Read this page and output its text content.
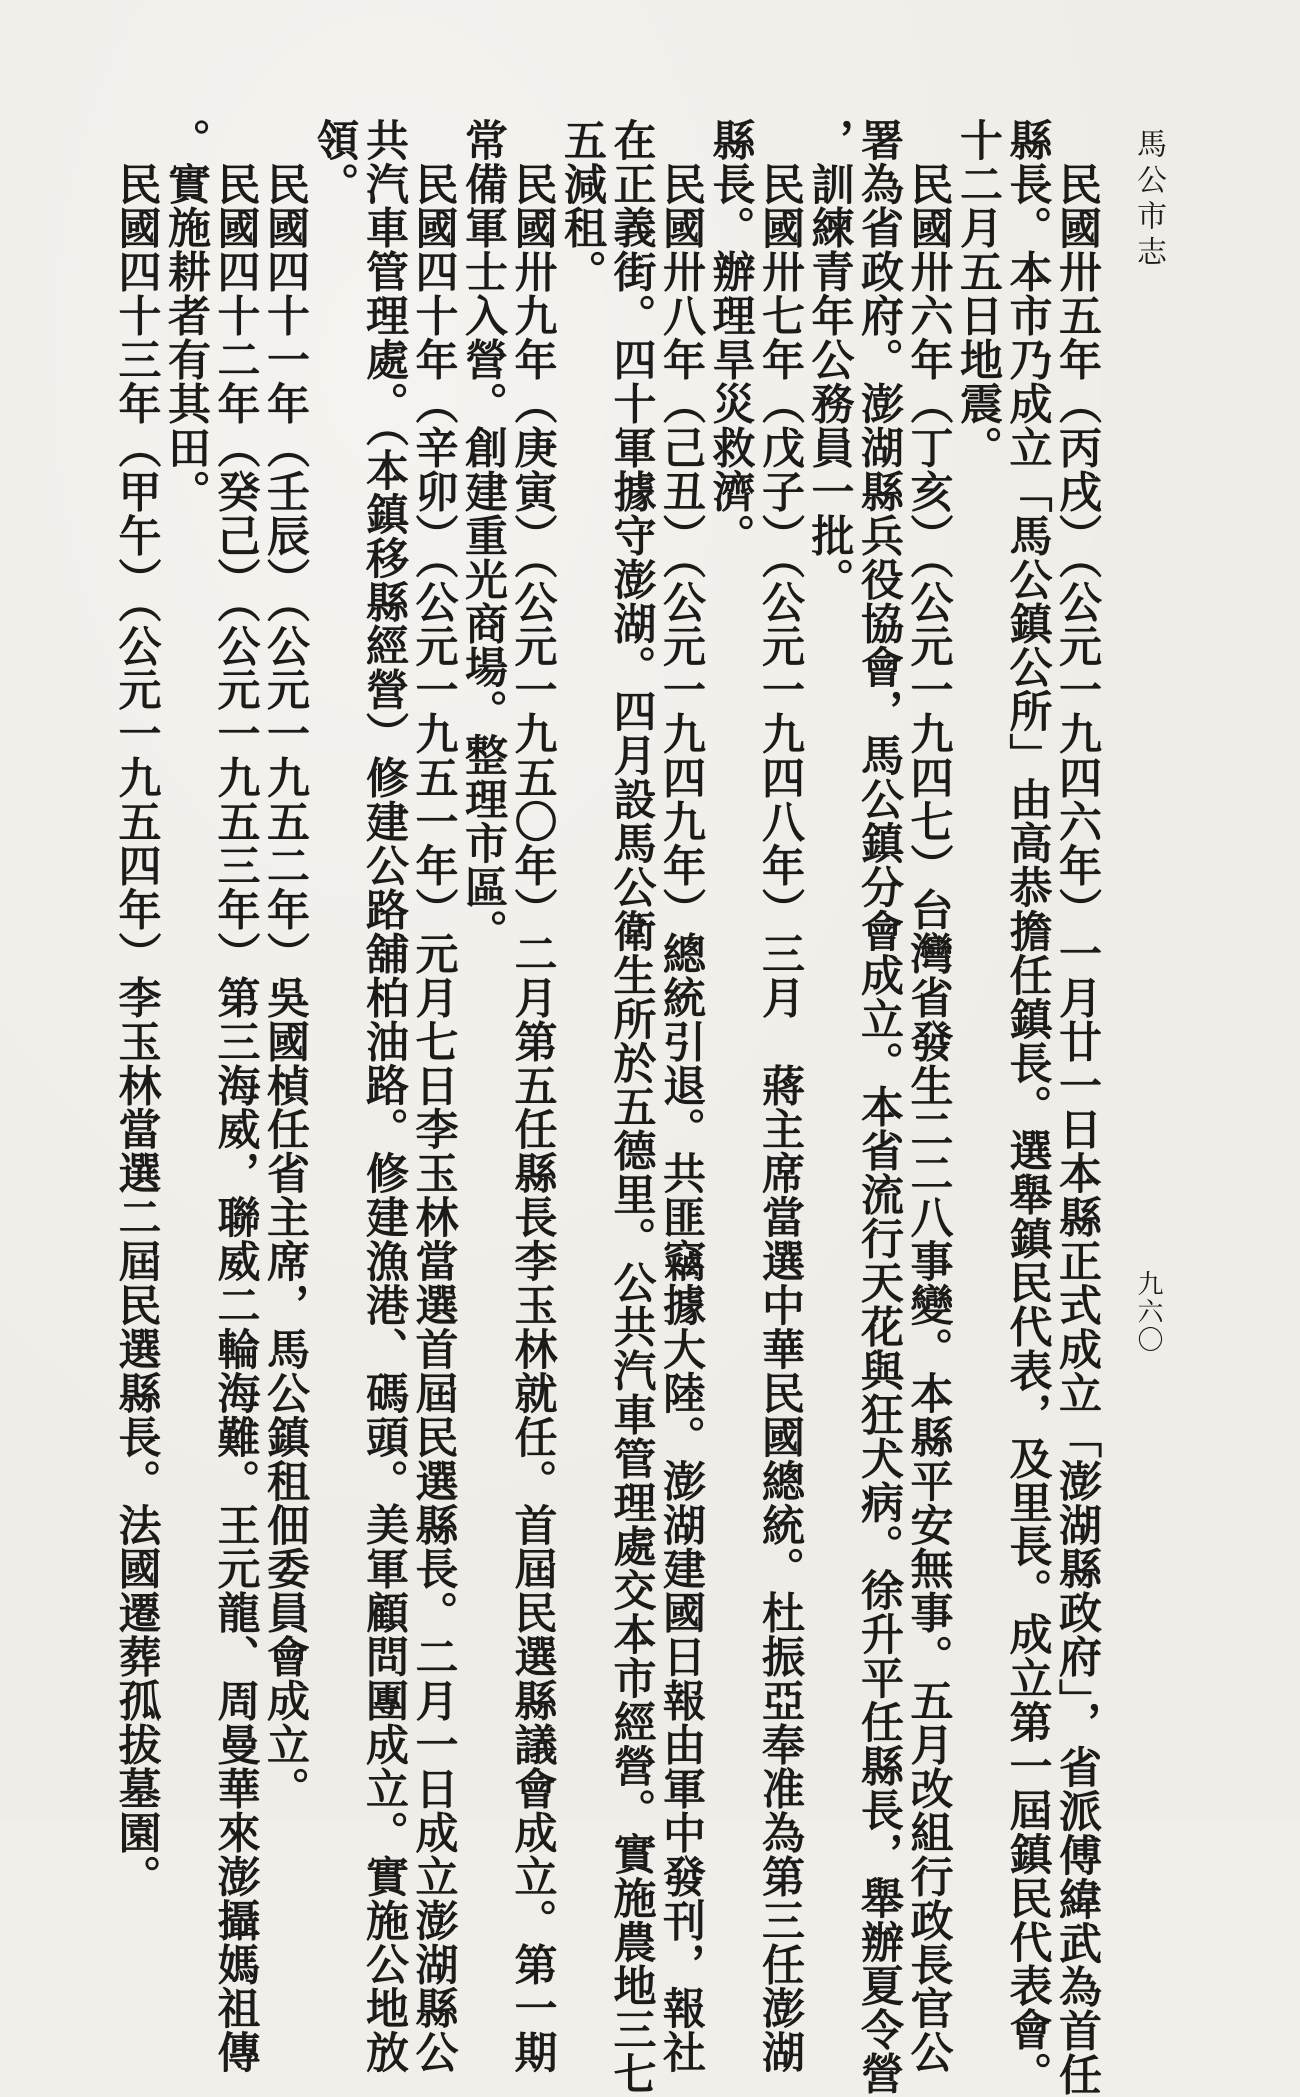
馬公市志
九六〇
民國卅五年（丙戌）（公元一九四六年）一月廿一日本縣正式成立「澎湖縣政府」，省派傅緯武為首任
縣長。本市乃成立「馬公鎮公所」由高恭擔任鎮長。選舉鎮民代表，及里長。成立第一屆鎮民代表會。
十二月五日地震。
民國卅六年（丁亥）（公元一九四七）台灣省發生二二八事變。本縣平安無事。五月改組行政長官公
署為省政府。澎湖縣兵役協會，馬公鎮分會成立。本省流行天花與狂犬病。徐升平任縣長，舉辦夏令營
，訓練青年公務員一批。
民國卅七年（戊子）（公元一九四八年）三月　蔣主席當選中華民國總統。杜振亞奉准為第三任澎湖
縣長。辦理旱災救濟。
民國卅八年（己丑）（公元一九四九年）總統引退。共匪竊據大陸。澎湖建國日報由軍中發刊，報社
在正義街。四十軍據守澎湖。四月設馬公衛生所於五德里。公共汽車管理處交本市經營。實施農地三七
五減租。
民國卅九年（庚寅）（公元一九五〇年）二月第五任縣長李玉林就任。首屆民選縣議會成立。第一期
常備軍士入營。創建重光商場。整理市區。
民國四十年（辛卯）（公元一九五一年）元月七日李玉林當選首屆民選縣長。二月一日成立澎湖縣公
共汽車管理處。（本鎮移縣經營）修建公路舖柏油路。修建漁港、碼頭。美軍顧問團成立。實施公地放
領。
民國四十一年（壬辰）（公元一九五二年）吳國楨任省主席，馬公鎮租佃委員會成立。
民國四十二年（癸己）（公元一九五三年）第三海威，聯威二輪海難。王元龍、周曼華來澎攝媽祖傳
。實施耕者有其田。
民國四十三年（甲午）（公元一九五四年）李玉林當選二屆民選縣長。法國遷葬孤拔墓園。
